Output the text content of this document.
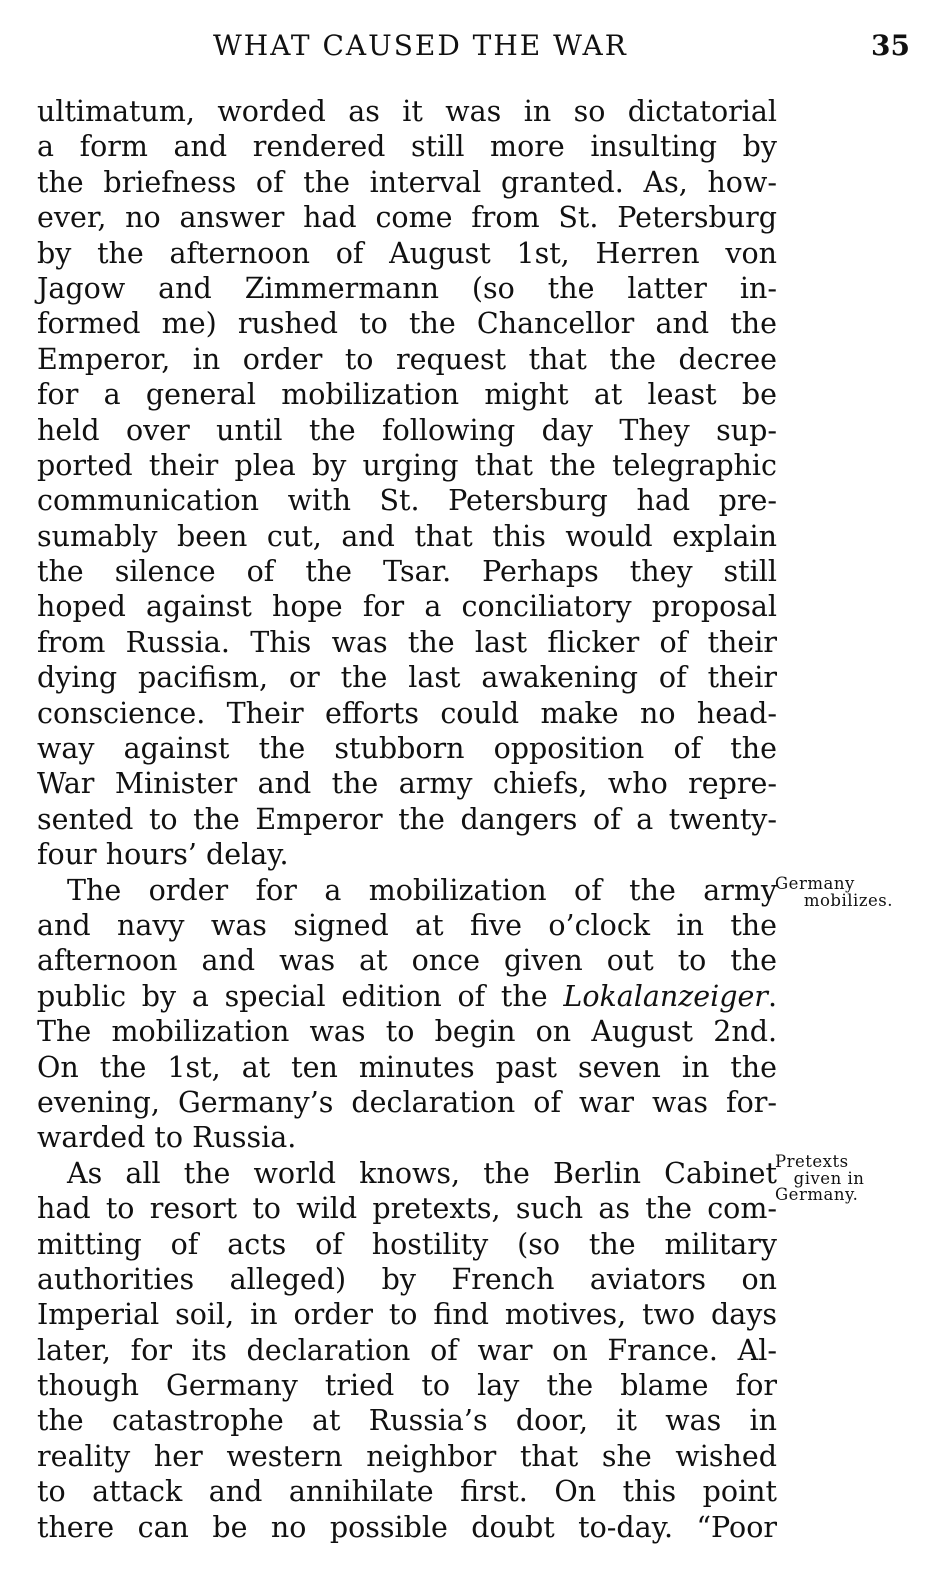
WHAT CAUSED THE WAR	35
ultimatum, worded as it was in so dictatorial
a form and rendered still more insulting by
the briefness of the interval granted. As, how-
ever, no answer had come from St. Petersburg
by the afternoon of August 1st, Herren von
Jagow and Zimmermann (so the latter in-
formed me) rushed to the Chancellor and the
Emperor, in order to request that the decree
for a general mobilization might at least be
held over until the following day They sup-
ported their plea by urging that the telegraphic
communication with St. Petersburg had pre-
sumably been cut, and that this would explain
the silence of the Tsar. Perhaps they still
hoped against hope for a conciliatory proposal
from Russia. This was the last flicker of their
dying pacifism, or the last awakening of their
conscience. Their efforts could make no head-
way against the stubborn opposition of the
War Minister and the army chiefs, who repre-
sented to the Emperor the dangers of a twenty-
four hours’ delay.
The order for a mobilization of the army
and navy was signed at five o’clock in the
afternoon and was at once given out to the
public by a special edition of the Lokalanzeiger.
The mobilization was to begin on August 2nd.
On the 1st, at ten minutes past seven in the
evening, Germany’s declaration of war was for-
warded to Russia.
As all the world knows, the Berlin Cabinet
had to resort to wild pretexts, such as the com-
mitting of acts of hostility (so the military
authorities alleged) by French aviators on
Imperial soil, in order to find motives, two days
later, for its declaration of war on France. Al-
though Germany tried to lay the blame for
the catastrophe at Russia’s door, it was in
reality her western neighbor that she wished
to attack and annihilate first. On this point
there can be no possible doubt to-day. “Poor
Germany
mobilizes.
Pretexts
given in
Germany.
